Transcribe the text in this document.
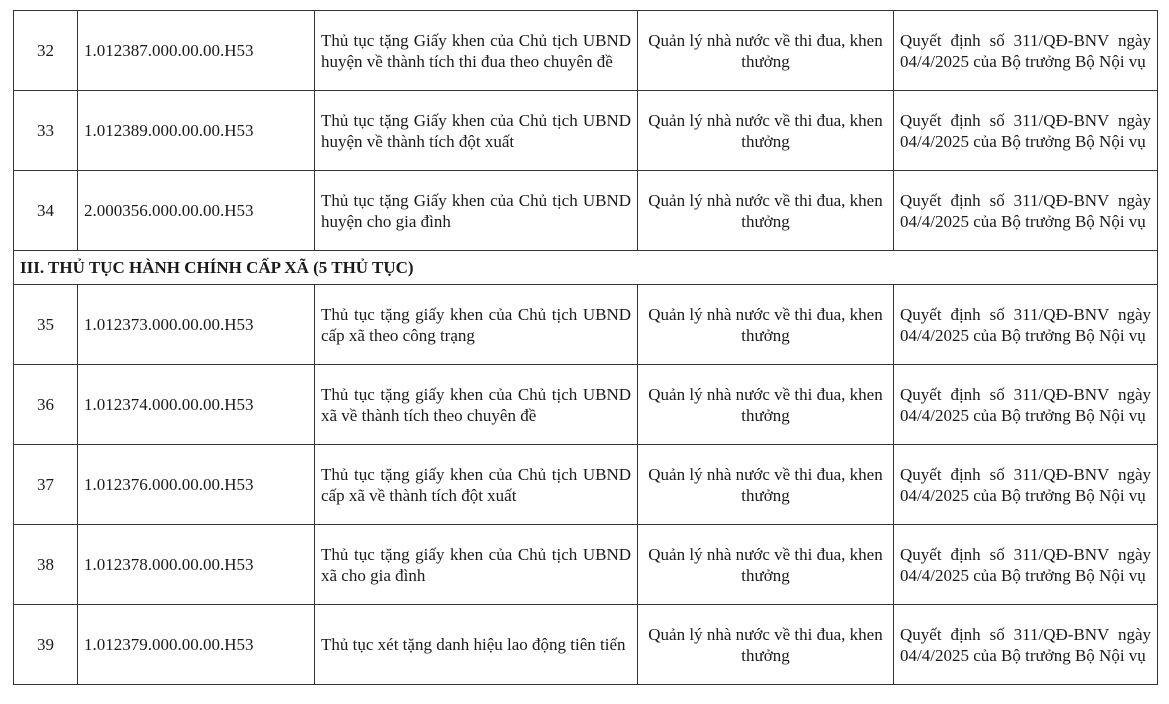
32	1.012387.000.00.00.H53	Thủ tục tặng Giấy khen của Chủ tịch UBND huyện về thành tích thi đua theo chuyên đề	Quản lý nhà nước về thi đua, khen thưởng	Quyết định số 311/QĐ-BNV ngày 04/4/2025 của Bộ trưởng Bộ Nội vụ
33	1.012389.000.00.00.H53	Thủ tục tặng Giấy khen của Chủ tịch UBND huyện về thành tích đột xuất	Quản lý nhà nước về thi đua, khen thưởng	Quyết định số 311/QĐ-BNV ngày 04/4/2025 của Bộ trưởng Bộ Nội vụ
34	2.000356.000.00.00.H53	Thủ tục tặng Giấy khen của Chủ tịch UBND huyện cho gia đình	Quản lý nhà nước về thi đua, khen thưởng	Quyết định số 311/QĐ-BNV ngày 04/4/2025 của Bộ trưởng Bộ Nội vụ
III. THỦ TỤC HÀNH CHÍNH CẤP XÃ (5 THỦ TỤC)				
35	1.012373.000.00.00.H53	Thủ tục tặng giấy khen của Chủ tịch UBND cấp xã theo công trạng	Quản lý nhà nước về thi đua, khen thưởng	Quyết định số 311/QĐ-BNV ngày 04/4/2025 của Bộ trưởng Bộ Nội vụ
36	1.012374.000.00.00.H53	Thủ tục tặng giấy khen của Chủ tịch UBND xã về thành tích theo chuyên đề	Quản lý nhà nước về thi đua, khen thưởng	Quyết định số 311/QĐ-BNV ngày 04/4/2025 của Bộ trưởng Bộ Nội vụ
37	1.012376.000.00.00.H53	Thủ tục tặng giấy khen của Chủ tịch UBND cấp xã về thành tích đột xuất	Quản lý nhà nước về thi đua, khen thưởng	Quyết định số 311/QĐ-BNV ngày 04/4/2025 của Bộ trưởng Bộ Nội vụ
38	1.012378.000.00.00.H53	Thủ tục tặng giấy khen của Chủ tịch UBND xã cho gia đình	Quản lý nhà nước về thi đua, khen thưởng	Quyết định số 311/QĐ-BNV ngày 04/4/2025 của Bộ trưởng Bộ Nội vụ
39	1.012379.000.00.00.H53	Thủ tục xét tặng danh hiệu lao động tiên tiến	Quản lý nhà nước về thi đua, khen thưởng	Quyết định số 311/QĐ-BNV ngày 04/4/2025 của Bộ trưởng Bộ Nội vụ
